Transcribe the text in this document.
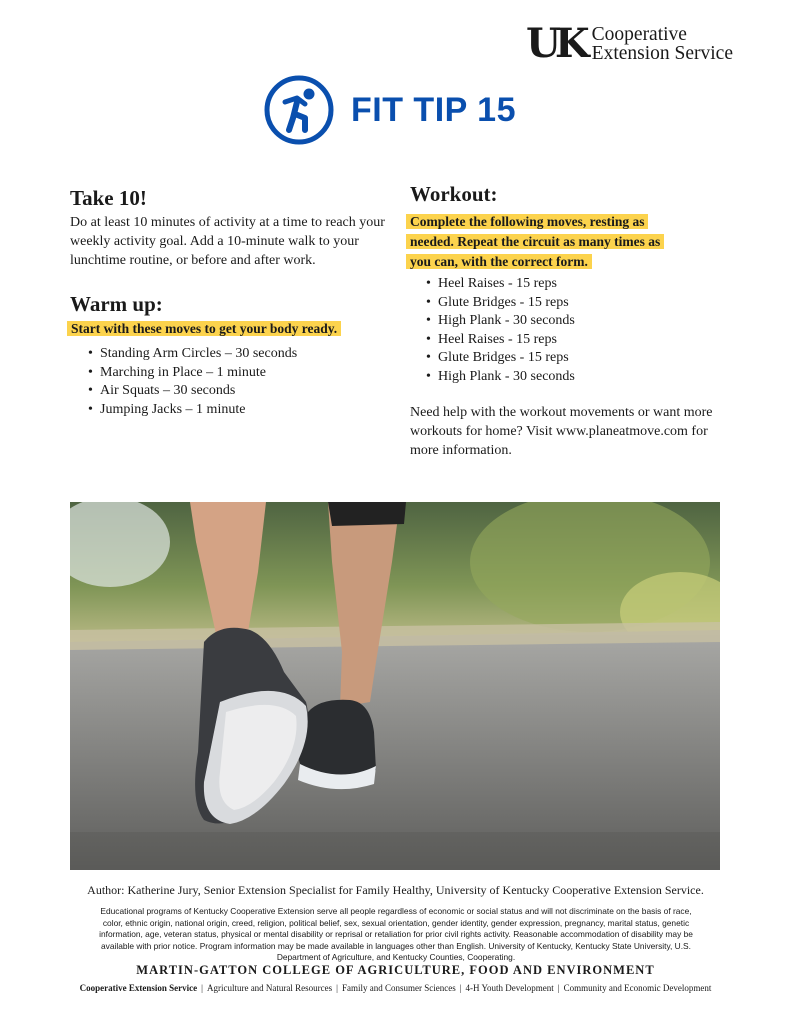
UK Cooperative
Extension Service
FIT TIP 15
Take 10!

Do at least 10 minutes of activity at a time to reach your weekly activity goal. Add a 10-minute walk to your lunchtime routine, or before and after work.

Warm up:

Start with these moves to get your body ready.

• Standing Arm Circles – 30 seconds
• Marching in Place – 1 minute
• Air Squats – 30 seconds
• Jumping Jacks – 1 minute
Workout:

Complete the following moves, resting as needed. Repeat the circuit as many times as you can, with the correct form.

• Heel Raises - 15 reps
• Glute Bridges - 15 reps
• High Plank - 30 seconds
• Heel Raises - 15 reps
• Glute Bridges - 15 reps
• High Plank - 30 seconds

Need help with the workout movements or want more workouts for home? Visit www.planeatmove.com for more information.

Author: Katherine Jury, Senior Extension Specialist for Family Healthy, University of Kentucky Cooperative Extension Service.
Educational programs of Kentucky Cooperative Extension serve all people regardless of economic or social status and will not discriminate on the basis of race, color, ethnic origin, national origin, creed, religion, political belief, sex, sexual orientation, gender identity, gender expression, pregnancy, marital status, genetic information, age, veteran status, physical or mental disability or reprisal or retaliation for prior civil rights activity. Reasonable accommodation of disability may be available with prior notice. Program information may be made available in languages other than English. University of Kentucky, Kentucky State University, U.S. Department of Agriculture, and Kentucky Counties, Cooperating.
MARTIN-GATTON COLLEGE OF AGRICULTURE, FOOD AND ENVIRONMENT
Cooperative Extension Service | Agriculture and Natural Resources | Family and Consumer Sciences | 4-H Youth Development | Community and Economic Development
